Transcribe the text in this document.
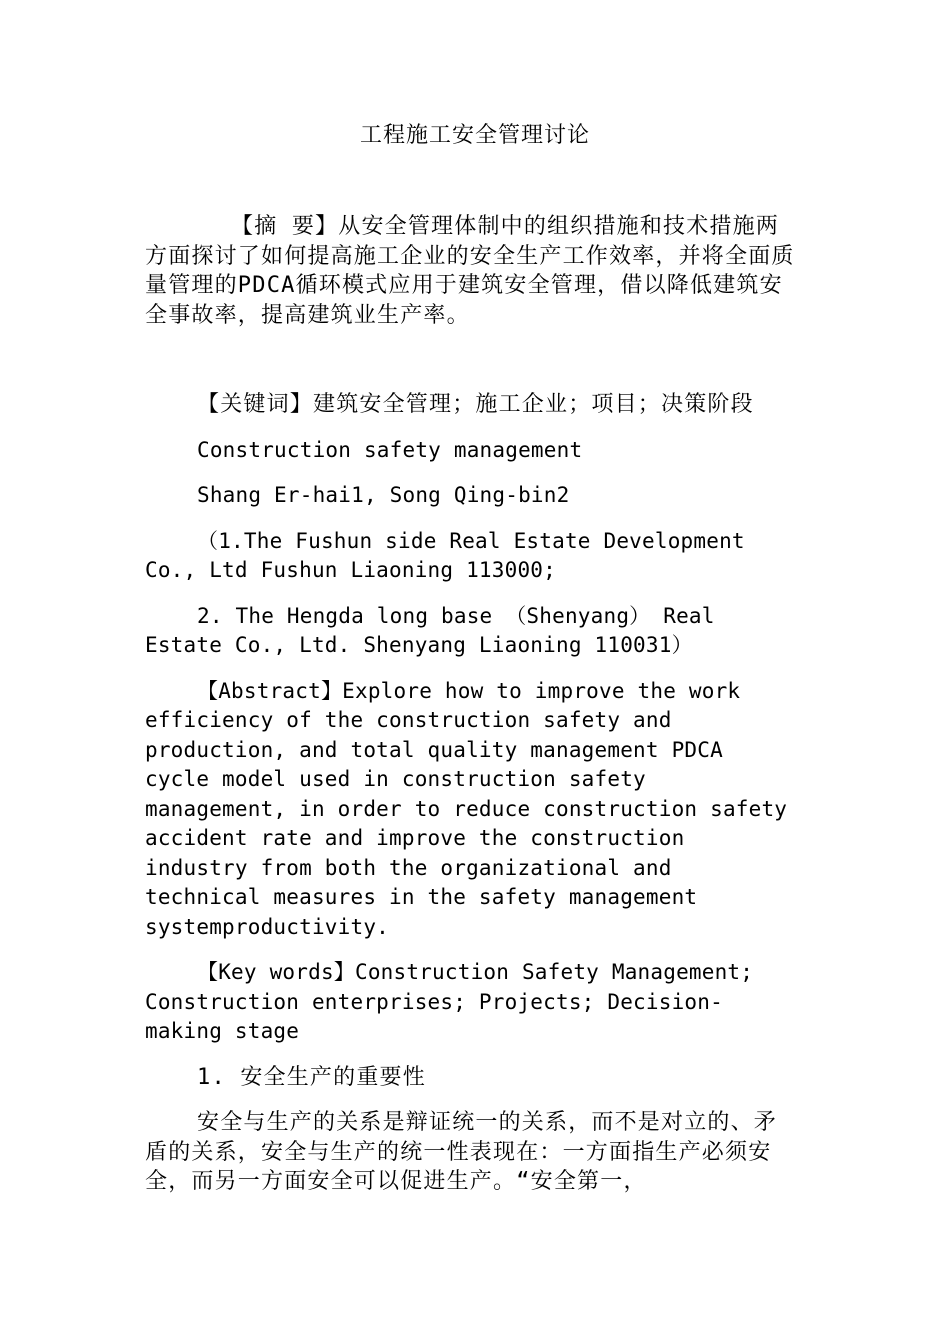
工程施工安全管理讨论

【摘 要】从安全管理体制中的组织措施和技术措施两方面探讨了如何提高施工企业的安全生产工作效率，并将全面质量管理的PDCA循环模式应用于建筑安全管理，借以降低建筑安全事故率，提高建筑业生产率。

【关键词】建筑安全管理；施工企业；项目；决策阶段

Construction safety management

Shang Er-hai1, Song Qing-bin2

（1.The Fushun side Real Estate Development Co., Ltd Fushun Liaoning 113000;

2. The Hengda long base （Shenyang） Real Estate Co., Ltd. Shenyang Liaoning 110031）

【Abstract】Explore how to improve the work efficiency of the construction safety and production, and total quality management PDCA cycle model used in construction safety management, in order to reduce construction safety accident rate and improve the construction industry from both the organizational and technical measures in the safety management systemproductivity.

【Key words】Construction Safety Management; Construction enterprises; Projects; Decision-making stage

1. 安全生产的重要性

安全与生产的关系是辩证统一的关系，而不是对立的、矛盾的关系，安全与生产的统一性表现在：一方面指生产必须安全，而另一方面安全可以促进生产。“安全第一，
